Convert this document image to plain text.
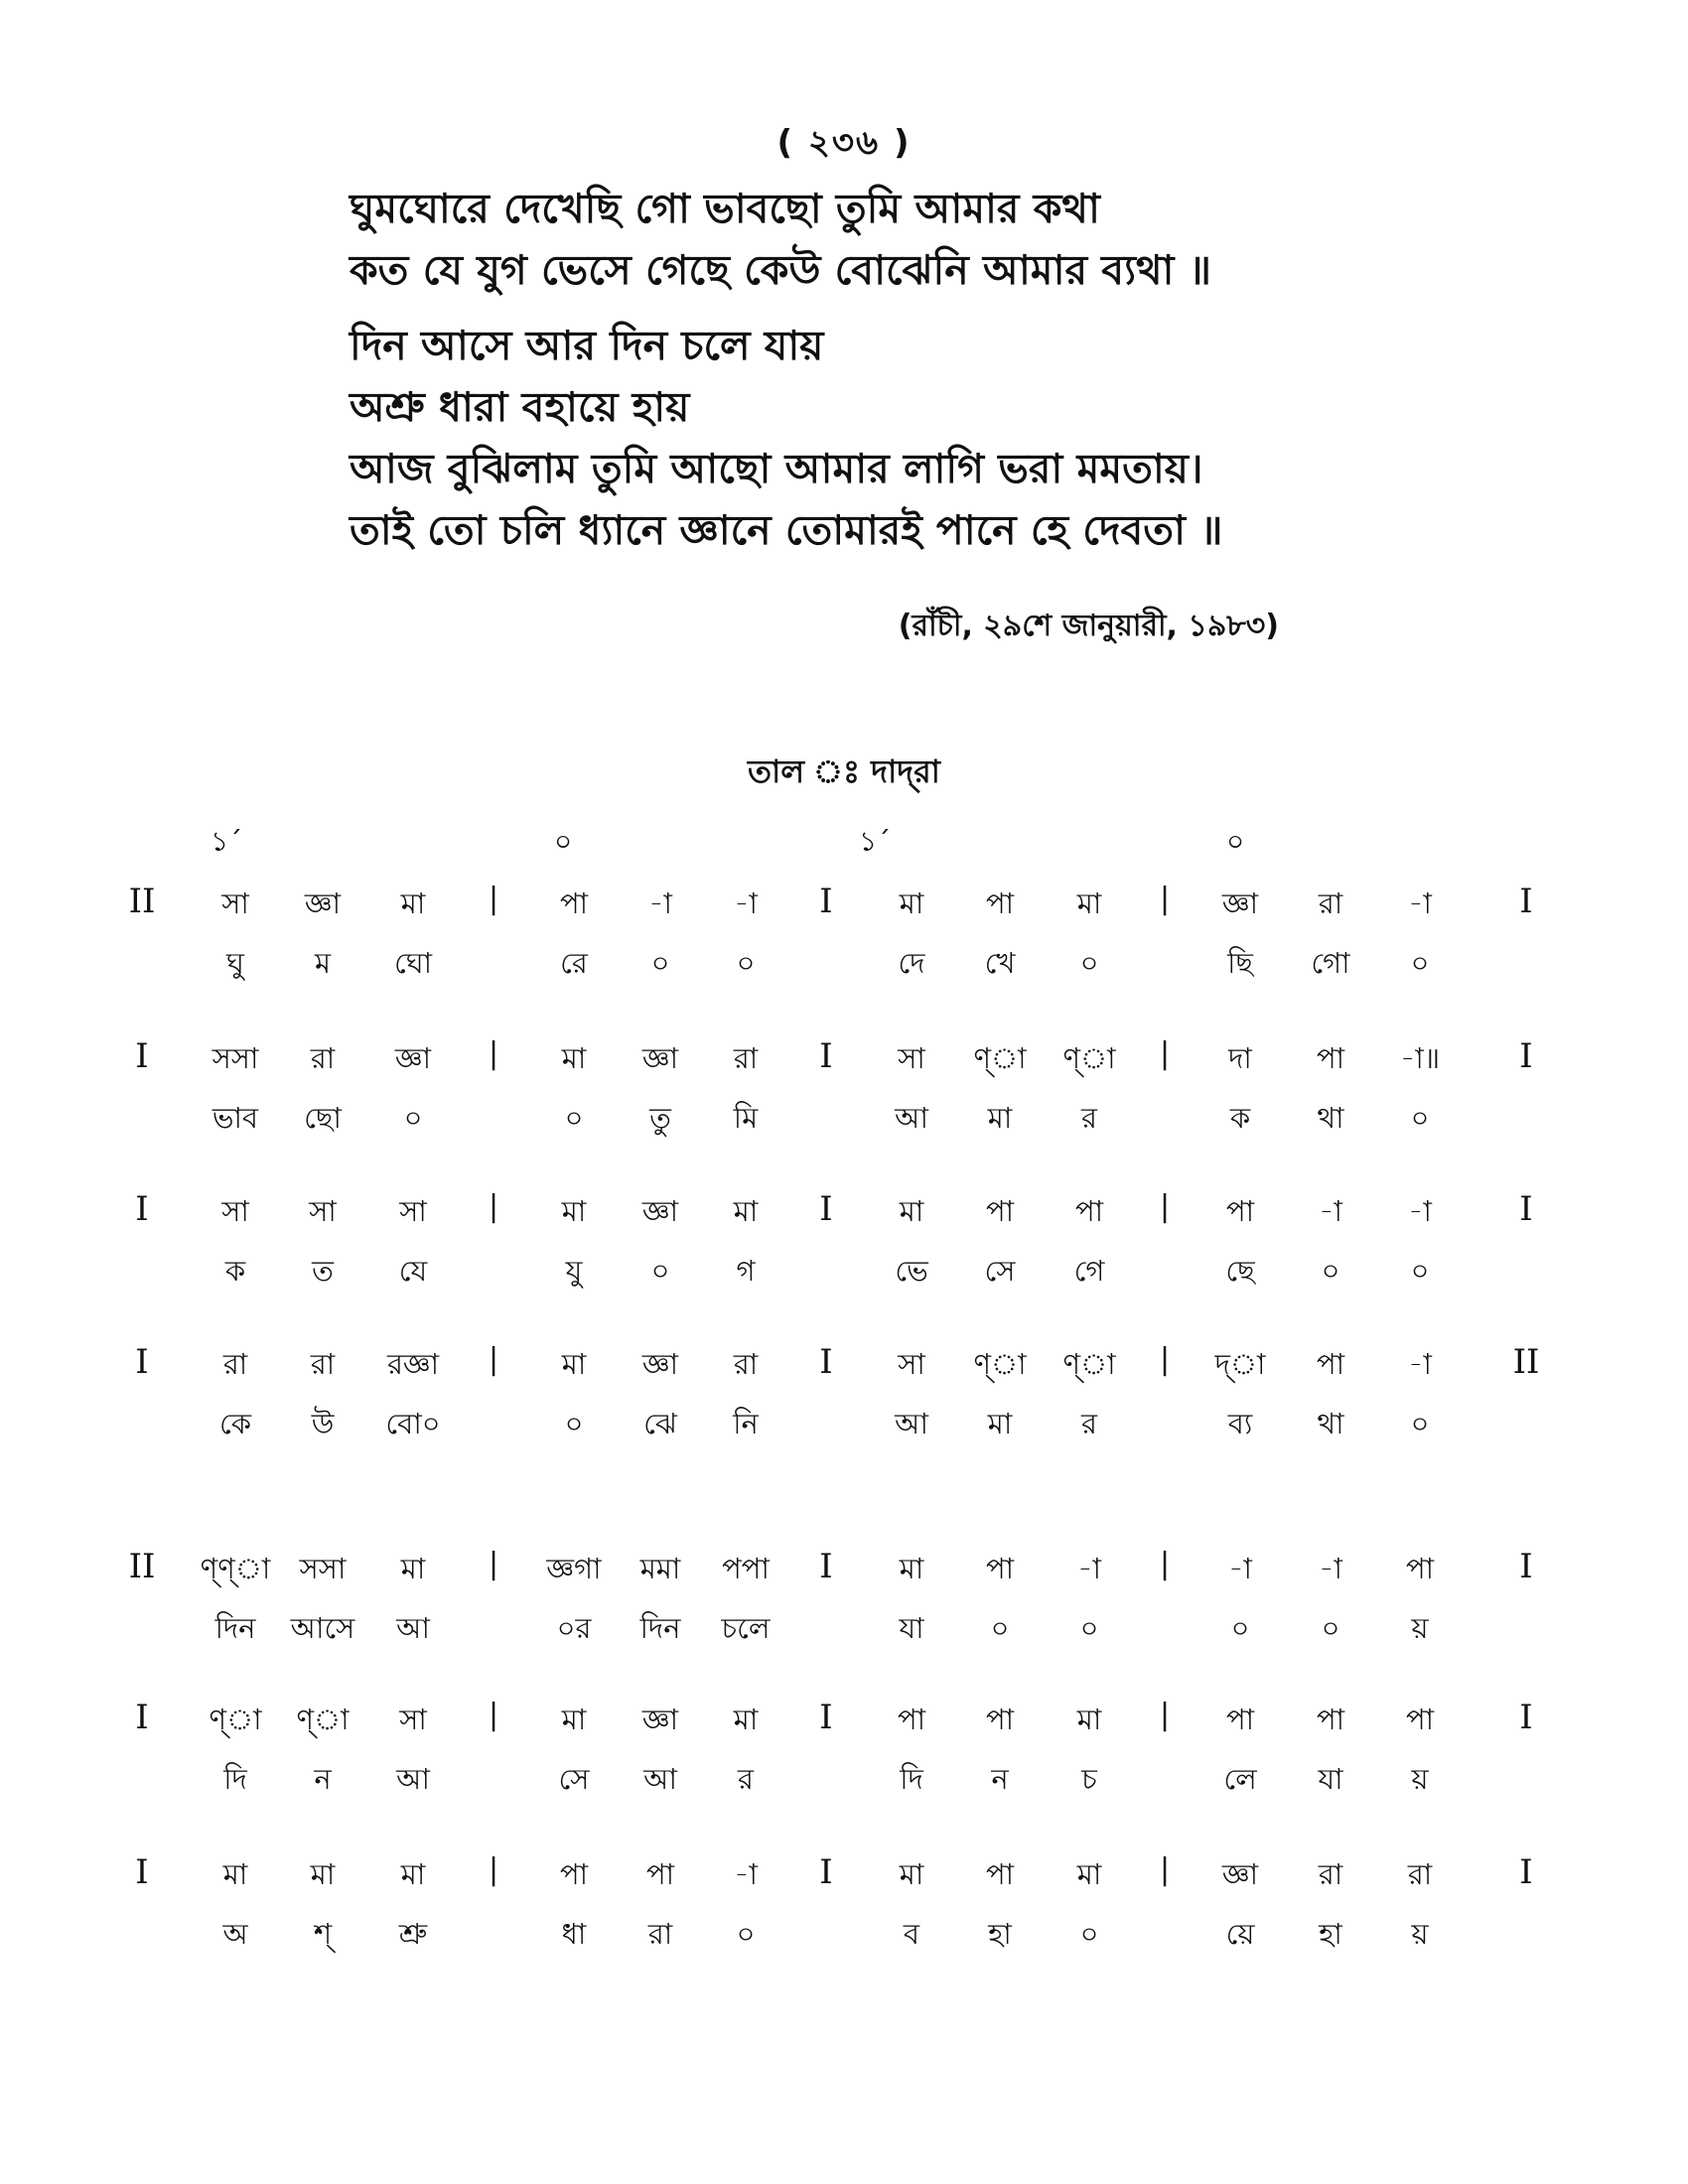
( ২৩৬ )
ঘুমঘোরে দেখেছি গো ভাবছো তুমি আমার কথা
কত যে যুগ ভেসে গেছে কেউ বোঝেনি আমার ব্যথা ॥
দিন আসে আর দিন চলে যায়
অশ্রু ধারা বহায়ে হায়
আজ বুঝিলাম তুমি আছো আমার লাগি ভরা মমতায়।
তাই তো চলি ধ্যানে জ্ঞানে তোমারই পানে হে দেবতা ॥
(রাঁচী, ২৯শে জানুয়ারী, ১৯৮৩)
তাল ঃ দাদ্‌রা
১´	০	১´	০
সা	জ্ঞা	মা	পা	-া	-া	মা	পা	মা	জ্ঞা	রা	-া
II	|	I	|	I
ঘু	ম	ঘো	রে	০	০	দে	খে	০	ছি	গো	০
সসা	রা	জ্ঞা	মা	জ্ঞা	রা	সা	ণ্‌া	ণ্‌া	দা	পা	-া॥
I	|	I	|	I
ভাব	ছো	০	০	তু	মি	আ	মা	র	ক	থা	০
সা	সা	সা	মা	জ্ঞা	মা	মা	পা	পা	পা	-া	-া
I	|	I	|	I
ক	ত	যে	যু	০	গ	ভে	সে	গে	ছে	০	০
রা	রা	রজ্ঞা	মা	জ্ঞা	রা	সা	ণ্‌া	ণ্‌া	দ্‌া	পা	-া
I	|	I	|	II
কে	উ	বো০	০	ঝে	নি	আ	মা	র	ব্য	থা	০
ণ্‌ণ্‌া	সসা	মা	জ্ঞগা	মমা	পপা	মা	পা	-া	-া	-া	পা
II	|	I	|	I
দিন	আসে	আ	০র	দিন	চলে	যা	০	০	০	০	য়
ণ্‌া	ণ্‌া	সা	মা	জ্ঞা	মা	পা	পা	মা	পা	পা	পা
I	|	I	|	I
দি	ন	আ	সে	আ	র	দি	ন	চ	লে	যা	য়
মা	মা	মা	পা	পা	-া	মা	পা	মা	জ্ঞা	রা	রা
I	|	I	|	I
অ	শ্‌	শ্রু	ধা	রা	০	ব	হা	০	য়ে	হা	য়
